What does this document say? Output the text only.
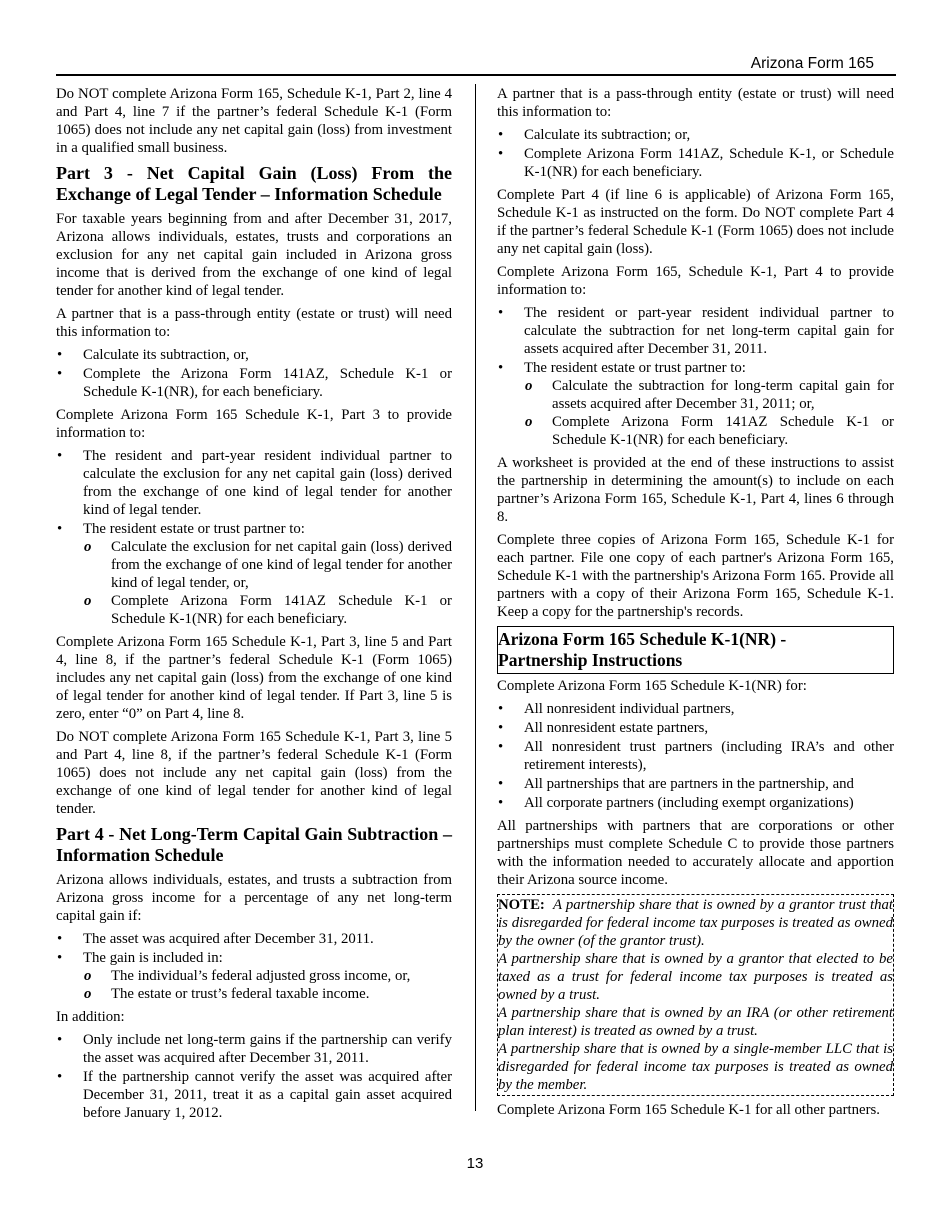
Arizona Form 165

Do NOT complete Arizona Form 165, Schedule K-1, Part 2, line 4 and Part 4, line 7 if the partner’s federal Schedule K-1 (Form 1065) does not include any net capital gain (loss) from investment in a qualified small business.

Part 3 - Net Capital Gain (Loss) From the Exchange of Legal Tender – Information Schedule

For taxable years beginning from and after December 31, 2017, Arizona allows individuals, estates, trusts and corporations an exclusion for any net capital gain included in Arizona gross income that is derived from the exchange of one kind of legal tender for another kind of legal tender.

A partner that is a pass-through entity (estate or trust) will need this information to:

• Calculate its subtraction, or,
• Complete the Arizona Form 141AZ, Schedule K-1 or Schedule K-1(NR), for each beneficiary.

Complete Arizona Form 165 Schedule K-1, Part 3 to provide information to:

• The resident and part-year resident individual partner to calculate the exclusion for any net capital gain (loss) derived from the exchange of one kind of legal tender for another kind of legal tender.
• The resident estate or trust partner to:
o Calculate the exclusion for net capital gain (loss) derived from the exchange of one kind of legal tender for another kind of legal tender, or,
o Complete Arizona Form 141AZ Schedule K-1 or Schedule K-1(NR) for each beneficiary.

Complete Arizona Form 165 Schedule K-1, Part 3, line 5 and Part 4, line 8, if the partner’s federal Schedule K-1 (Form 1065) includes any net capital gain (loss) from the exchange of one kind of legal tender for another kind of legal tender. If Part 3, line 5 is zero, enter “0” on Part 4, line 8.

Do NOT complete Arizona Form 165 Schedule K-1, Part 3, line 5 and Part 4, line 8, if the partner’s federal Schedule K-1 (Form 1065) does not include any net capital gain (loss) from the exchange of one kind of legal tender for another kind of legal tender.

Part 4 - Net Long-Term Capital Gain Subtraction – Information Schedule

Arizona allows individuals, estates, and trusts a subtraction from Arizona gross income for a percentage of any net long-term capital gain if:

• The asset was acquired after December 31, 2011.
• The gain is included in:
o The individual’s federal adjusted gross income, or,
o The estate or trust’s federal taxable income.

In addition:

• Only include net long-term gains if the partnership can verify the asset was acquired after December 31, 2011.
• If the partnership cannot verify the asset was acquired after December 31, 2011, treat it as a capital gain asset acquired before January 1, 2012.

A partner that is a pass-through entity (estate or trust) will need this information to:

• Calculate its subtraction; or,
• Complete Arizona Form 141AZ, Schedule K-1, or Schedule K-1(NR) for each beneficiary.

Complete Part 4 (if line 6 is applicable) of Arizona Form 165, Schedule K-1 as instructed on the form. Do NOT complete Part 4 if the partner’s federal Schedule K-1 (Form 1065) does not include any net capital gain (loss).

Complete Arizona Form 165, Schedule K-1, Part 4 to provide information to:

• The resident or part-year resident individual partner to calculate the subtraction for net long-term capital gain for assets acquired after December 31, 2011.
• The resident estate or trust partner to:
o Calculate the subtraction for long-term capital gain for assets acquired after December 31, 2011; or,
o Complete Arizona Form 141AZ Schedule K-1 or Schedule K-1(NR) for each beneficiary.

A worksheet is provided at the end of these instructions to assist the partnership in determining the amount(s) to include on each partner’s Arizona Form 165, Schedule K-1, Part 4, lines 6 through 8.

Complete three copies of Arizona Form 165, Schedule K-1 for each partner. File one copy of each partner's Arizona Form 165, Schedule K-1 with the partnership's Arizona Form 165. Provide all partners with a copy of their Arizona Form 165, Schedule K-1. Keep a copy for the partnership's records.

Arizona Form 165 Schedule K-1(NR) -
Partnership Instructions

Complete Arizona Form 165 Schedule K-1(NR) for:

• All nonresident individual partners,
• All nonresident estate partners,
• All nonresident trust partners (including IRA’s and other retirement interests),
• All partnerships that are partners in the partnership, and
• All corporate partners (including exempt organizations)

All partnerships with partners that are corporations or other partnerships must complete Schedule C to provide those partners with the information needed to accurately allocate and apportion their Arizona source income.

NOTE: A partnership share that is owned by a grantor trust that is disregarded for federal income tax purposes is treated as owned by the owner (of the grantor trust).

A partnership share that is owned by a grantor that elected to be taxed as a trust for federal income tax purposes is treated as owned by a trust.

A partnership share that is owned by an IRA (or other retirement plan interest) is treated as owned by a trust.

A partnership share that is owned by a single-member LLC that is disregarded for federal income tax purposes is treated as owned by the member.

Complete Arizona Form 165 Schedule K-1 for all other partners.

13
